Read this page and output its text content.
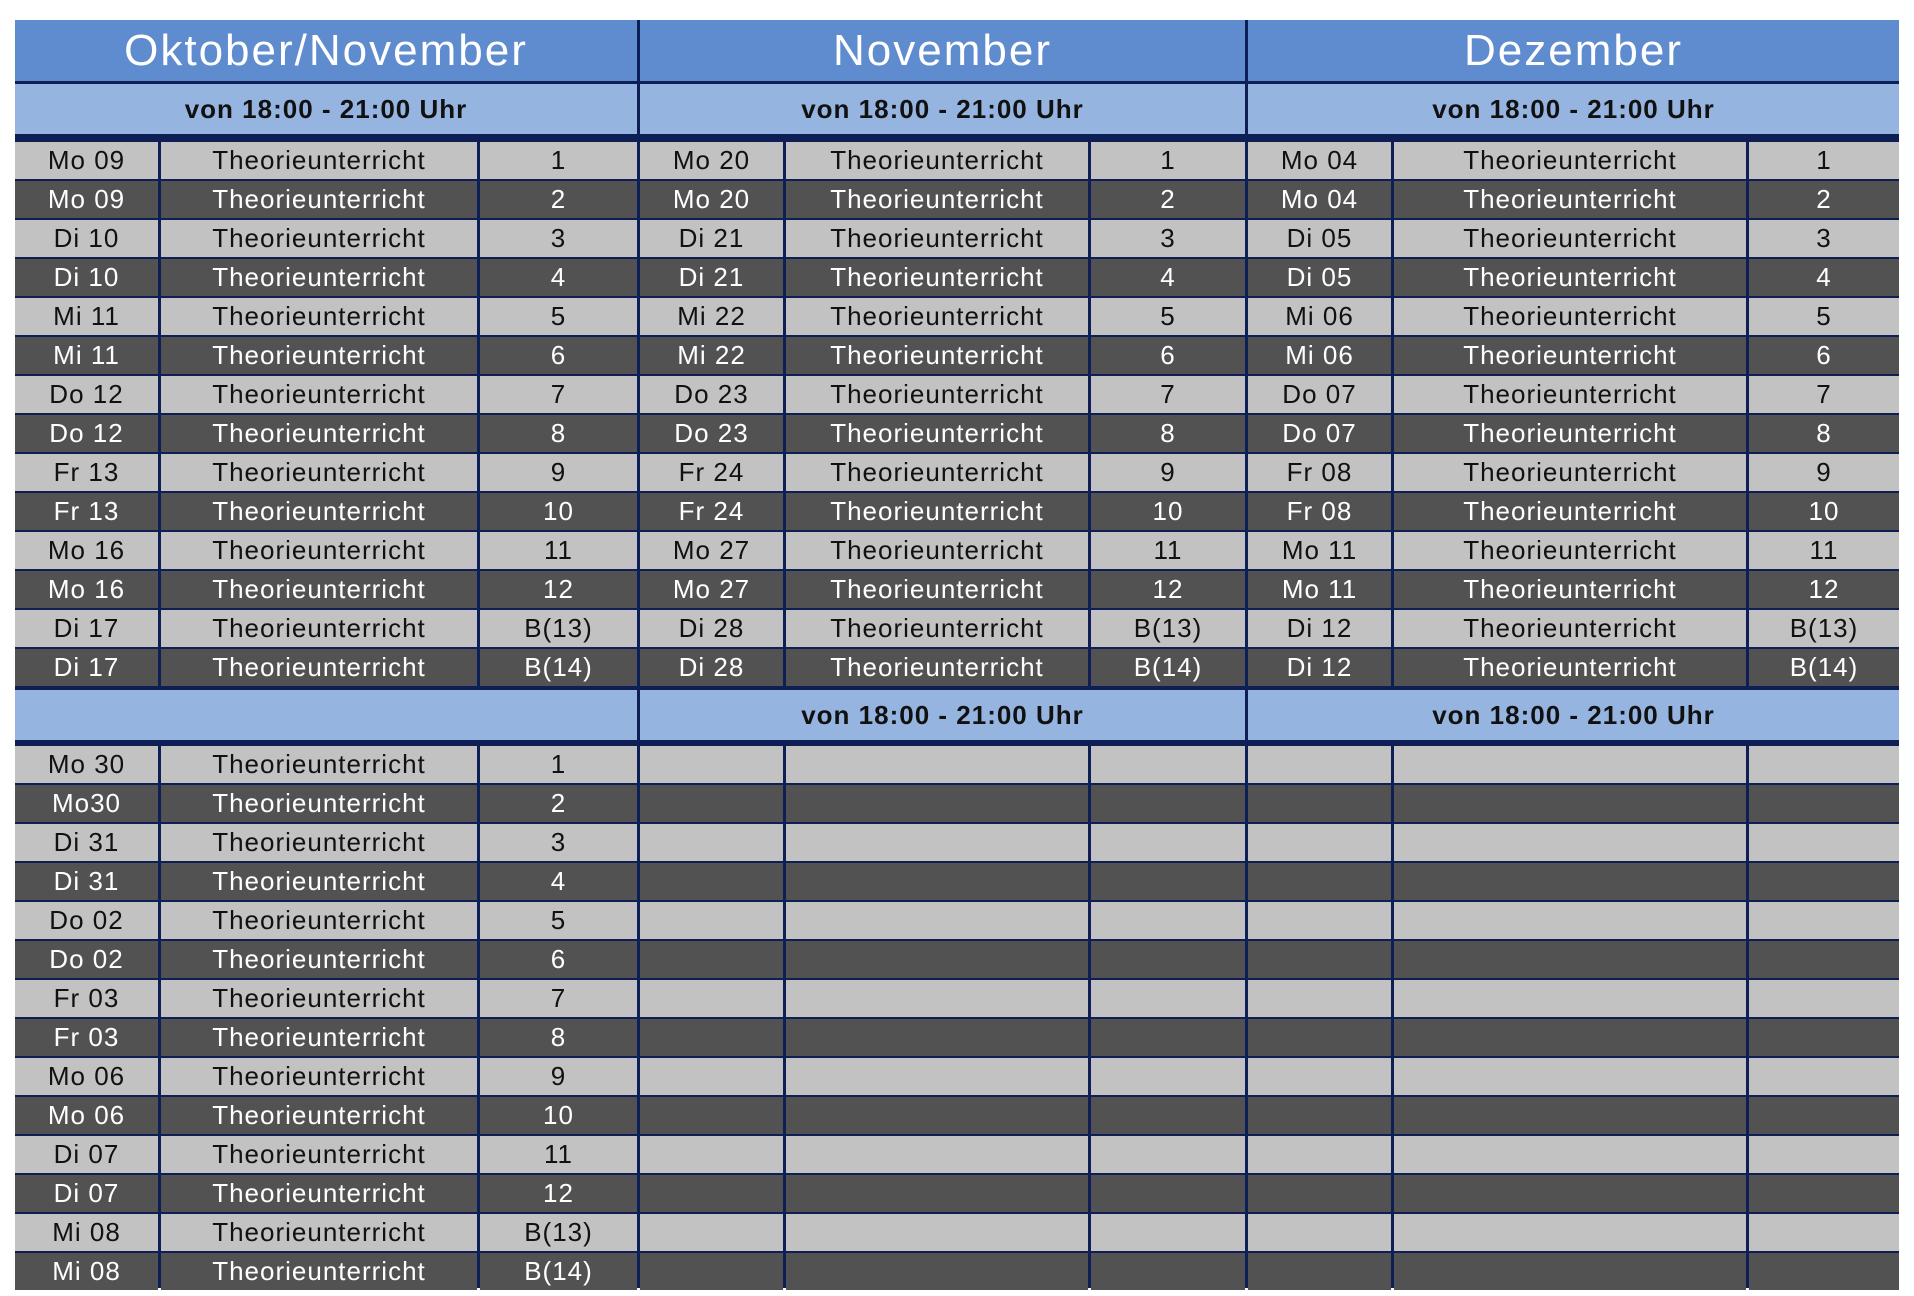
Oktober/November
von 18:00 - 21:00 Uhr
Mo 09	Theorieunterricht	1
Mo 09	Theorieunterricht	2
Di 10	Theorieunterricht	3
Di 10	Theorieunterricht	4
Mi 11	Theorieunterricht	5
Mi 11	Theorieunterricht	6
Do 12	Theorieunterricht	7
Do 12	Theorieunterricht	8
Fr 13	Theorieunterricht	9
Fr 13	Theorieunterricht	10
Mo 16	Theorieunterricht	11
Mo 16	Theorieunterricht	12
Di 17	Theorieunterricht	B(13)
Di 17	Theorieunterricht	B(14)
Mo 30	Theorieunterricht	1
Mo30	Theorieunterricht	2
Di 31	Theorieunterricht	3
Di 31	Theorieunterricht	4
Do 02	Theorieunterricht	5
Do 02	Theorieunterricht	6
Fr 03	Theorieunterricht	7
Fr 03	Theorieunterricht	8
Mo 06	Theorieunterricht	9
Mo 06	Theorieunterricht	10
Di 07	Theorieunterricht	11
Di 07	Theorieunterricht	12
Mi 08	Theorieunterricht	B(13)
Mi 08	Theorieunterricht	B(14)
November
von 18:00 - 21:00 Uhr
Mo 20	Theorieunterricht	1
Mo 20	Theorieunterricht	2
Di 21	Theorieunterricht	3
Di 21	Theorieunterricht	4
Mi 22	Theorieunterricht	5
Mi 22	Theorieunterricht	6
Do 23	Theorieunterricht	7
Do 23	Theorieunterricht	8
Fr 24	Theorieunterricht	9
Fr 24	Theorieunterricht	10
Mo 27	Theorieunterricht	11
Mo 27	Theorieunterricht	12
Di 28	Theorieunterricht	B(13)
Di 28	Theorieunterricht	B(14)
von 18:00 - 21:00 Uhr
Dezember
von 18:00 - 21:00 Uhr
Mo 04	Theorieunterricht	1
Mo 04	Theorieunterricht	2
Di 05	Theorieunterricht	3
Di 05	Theorieunterricht	4
Mi 06	Theorieunterricht	5
Mi 06	Theorieunterricht	6
Do 07	Theorieunterricht	7
Do 07	Theorieunterricht	8
Fr 08	Theorieunterricht	9
Fr 08	Theorieunterricht	10
Mo 11	Theorieunterricht	11
Mo 11	Theorieunterricht	12
Di 12	Theorieunterricht	B(13)
Di 12	Theorieunterricht	B(14)
von 18:00 - 21:00 Uhr
